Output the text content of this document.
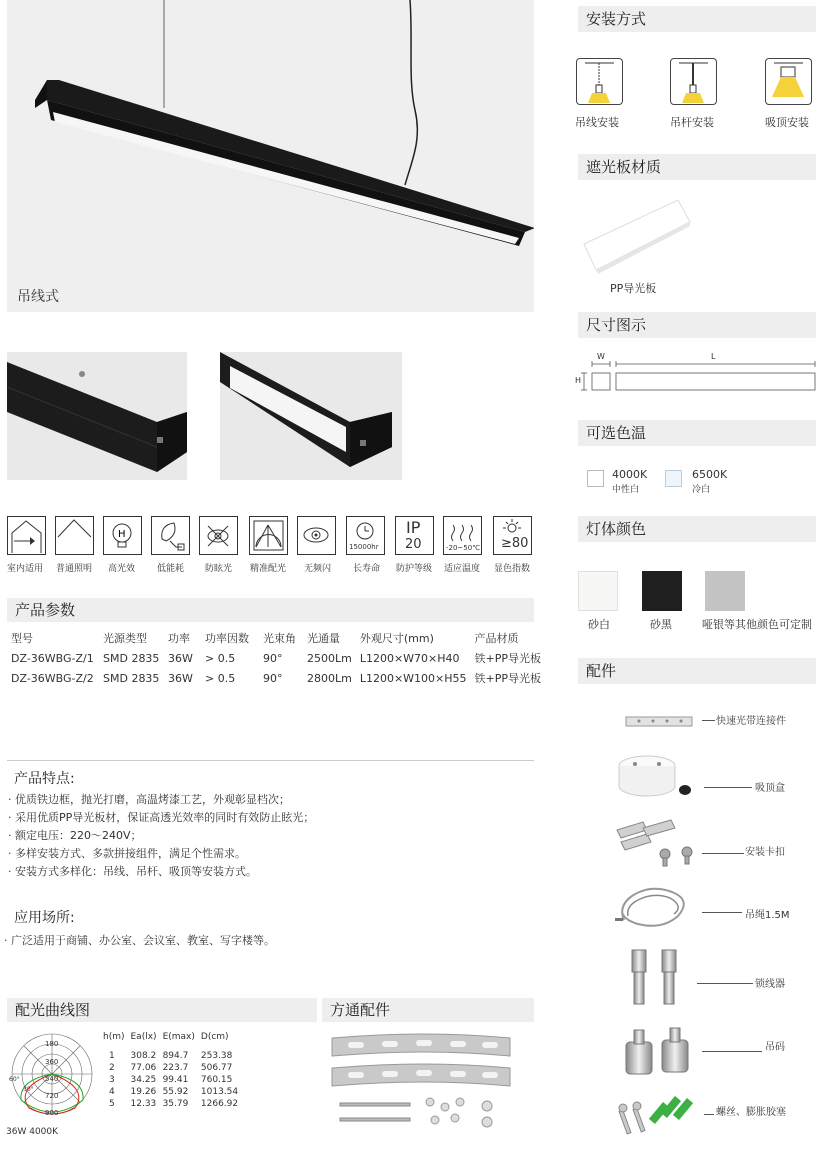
吊线式
H
15000hr
IP
20	-20~50℃ ≥80
室内适用 普通照明 高光效 低能耗 防眩光 精准配光 无频闪 长寿命 防护等级 适应温度 显色指数
产品参数
型号	光源类型	功率	功率因数	光束角	光通量	外观尺寸(mm)	产品材质
DZ-36WBG-Z/1	SMD 2835	36W	> 0.5	90°	2500Lm	L1200×W70×H40	铁+PP导光板
DZ-36WBG-Z/2	SMD 2835	36W	> 0.5	90°	2800Lm	L1200×W100×H55	铁+PP导光板
产品特点:
· 优质铁边框，抛光打磨，高温烤漆工艺，外观彰显档次；
· 采用优质PP导光板材，保证高透光效率的同时有效防止眩光；
· 额定电压：220～240V；
· 多样安装方式、多款拼接组件，满足个性需求。
· 安装方式多样化：吊线、吊杆、吸顶等安装方式。
应用场所:
· 广泛适用于商铺、办公室、会议室、教室、写字楼等。
配光曲线图
180
360
540
720
900
60°
30°
36W 4000K
h(m)	Ea(lx)	E(max)	D(cm)

1	308.2	894.7	253.38
2	77.06	223.7	506.77
3	34.25	99.41	760.15
4	19.26	55.92	1013.54
5	12.33	35.79	1266.92
方通配件
安装方式
吊线安装	吊杆安装	吸顶安装
遮光板材质
PP导光板
尺寸图示
W	L
H
可选色温
4000K
中性白
6500K
冷白
灯体颜色
砂白	砂黑	哑银等其他颜色可定制
配件
快速光带连接件
吸顶盒
安装卡扣
吊绳1.5M
锁线器
吊码
螺丝、膨胀胶塞
